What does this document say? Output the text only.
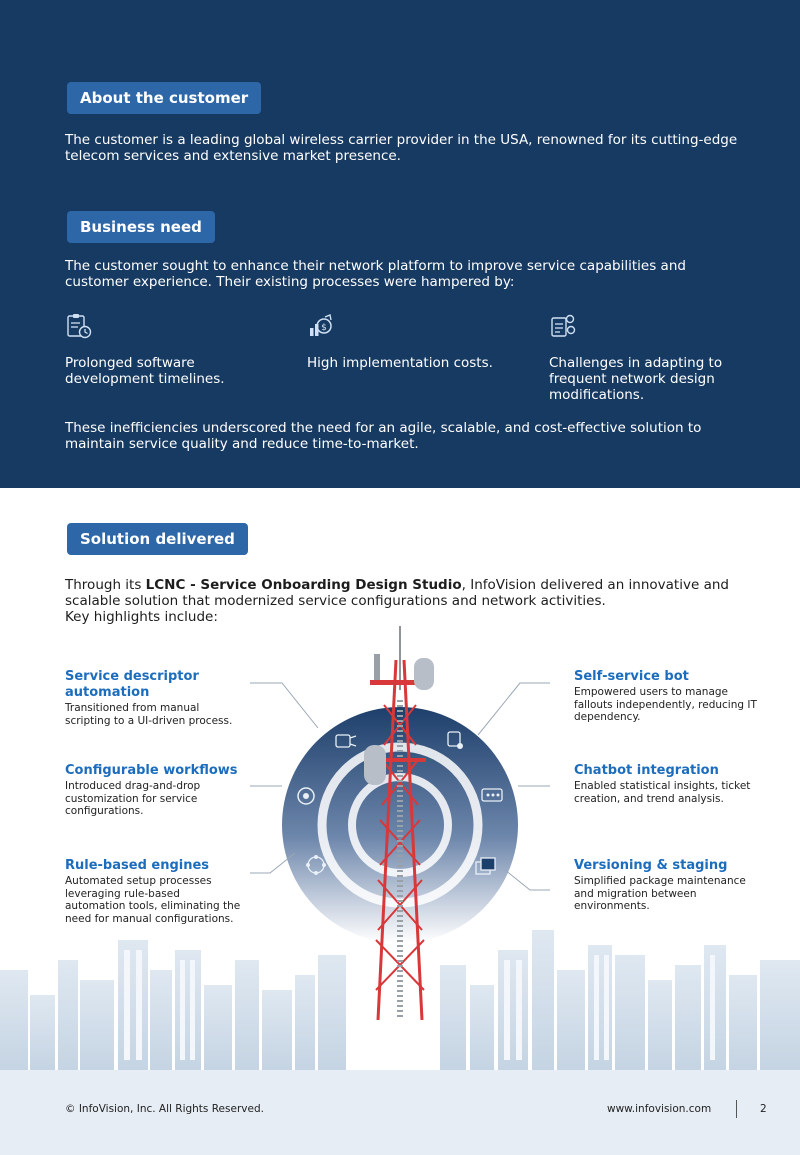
About the customer
The customer is a leading global wireless carrier provider in the USA, renowned for its cutting-edge telecom services and extensive market presence.
Business need
The customer sought to enhance their network platform to improve service capabilities and customer experience. Their existing processes were hampered by:
Prolonged software development timelines.
$
High implementation costs.	Challenges in adapting to frequent network design modifications.
These inefficiencies underscored the need for an agile, scalable, and cost-effective solution to maintain service quality and reduce time-to-market.
Solution delivered
Through its LCNC - Service Onboarding Design Studio, InfoVision delivered an innovative and scalable solution that modernized service configurations and network activities.
Key highlights include:
Service descriptor automation
Transitioned from manual scripting to a UI-driven process.
Configurable workflows
Introduced drag-and-drop customization for service configurations.
Rule-based engines
Automated setup processes leveraging rule-based automation tools, eliminating the need for manual configurations.
Self-service bot
Empowered users to manage fallouts independently, reducing IT dependency.
Chatbot integration
Enabled statistical insights, ticket creation, and trend analysis.
Versioning & staging
Simplified package maintenance and migration between environments.
© InfoVision, Inc. All Rights Reserved.	www.infovision.com	2
